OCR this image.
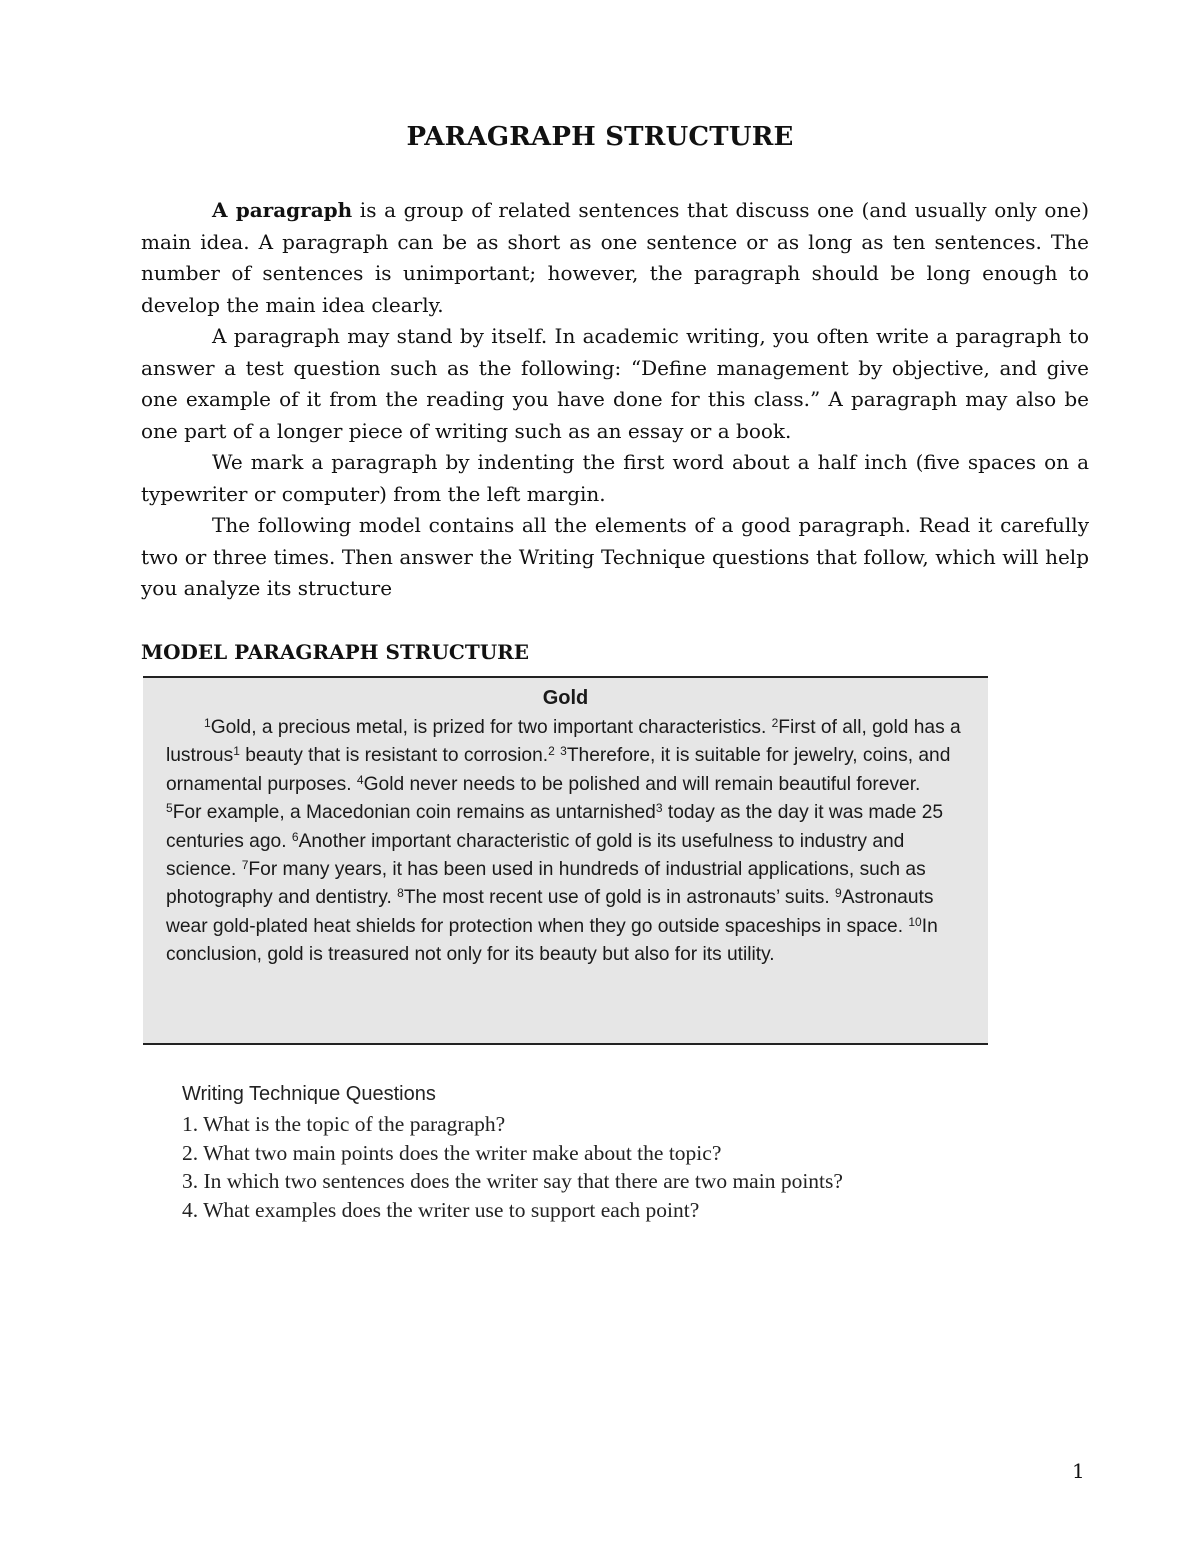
PARAGRAPH STRUCTURE

A paragraph is a group of related sentences that discuss one (and usually only one) main idea. A paragraph can be as short as one sentence or as long as ten sentences. The number of sentences is unimportant; however, the paragraph should be long enough to develop the main idea clearly.

A paragraph may stand by itself. In academic writing, you often write a paragraph to answer a test question such as the following: “Define management by objective, and give one example of it from the reading you have done for this class.” A paragraph may also be one part of a longer piece of writing such as an essay or a book.

We mark a paragraph by indenting the first word about a half inch (five spaces on a typewriter or computer) from the left margin.

The following model contains all the elements of a good paragraph. Read it carefully two or three times. Then answer the Writing Technique questions that follow, which will help you analyze its structure

MODEL PARAGRAPH STRUCTURE
Gold

$^1$Gold, a precious metal, is prized for two important characteristics. $^2$First of all, gold has a lustrous$^1$ beauty that is resistant to corrosion.$^2$ $^3$Therefore, it is suitable for jewelry, coins, and ornamental purposes. $^4$Gold never needs to be polished and will remain beautiful forever. $^5$For example, a Macedonian coin remains as untarnished$^3$ today as the day it was made 25 centuries ago. $^6$Another important characteristic of gold is its usefulness to industry and science. $^7$For many years, it has been used in hundreds of industrial applications, such as photography and dentistry. $^8$The most recent use of gold is in astronauts’ suits. $^9$Astronauts wear gold-plated heat shields for protection when they go outside spaceships in space. $^{10}$In conclusion, gold is treasured not only for its beauty but also for its utility.

Writing Technique Questions
1. What is the topic of the paragraph?
2. What two main points does the writer make about the topic?
3. In which two sentences does the writer say that there are two main points?
4. What examples does the writer use to support each point?
1
